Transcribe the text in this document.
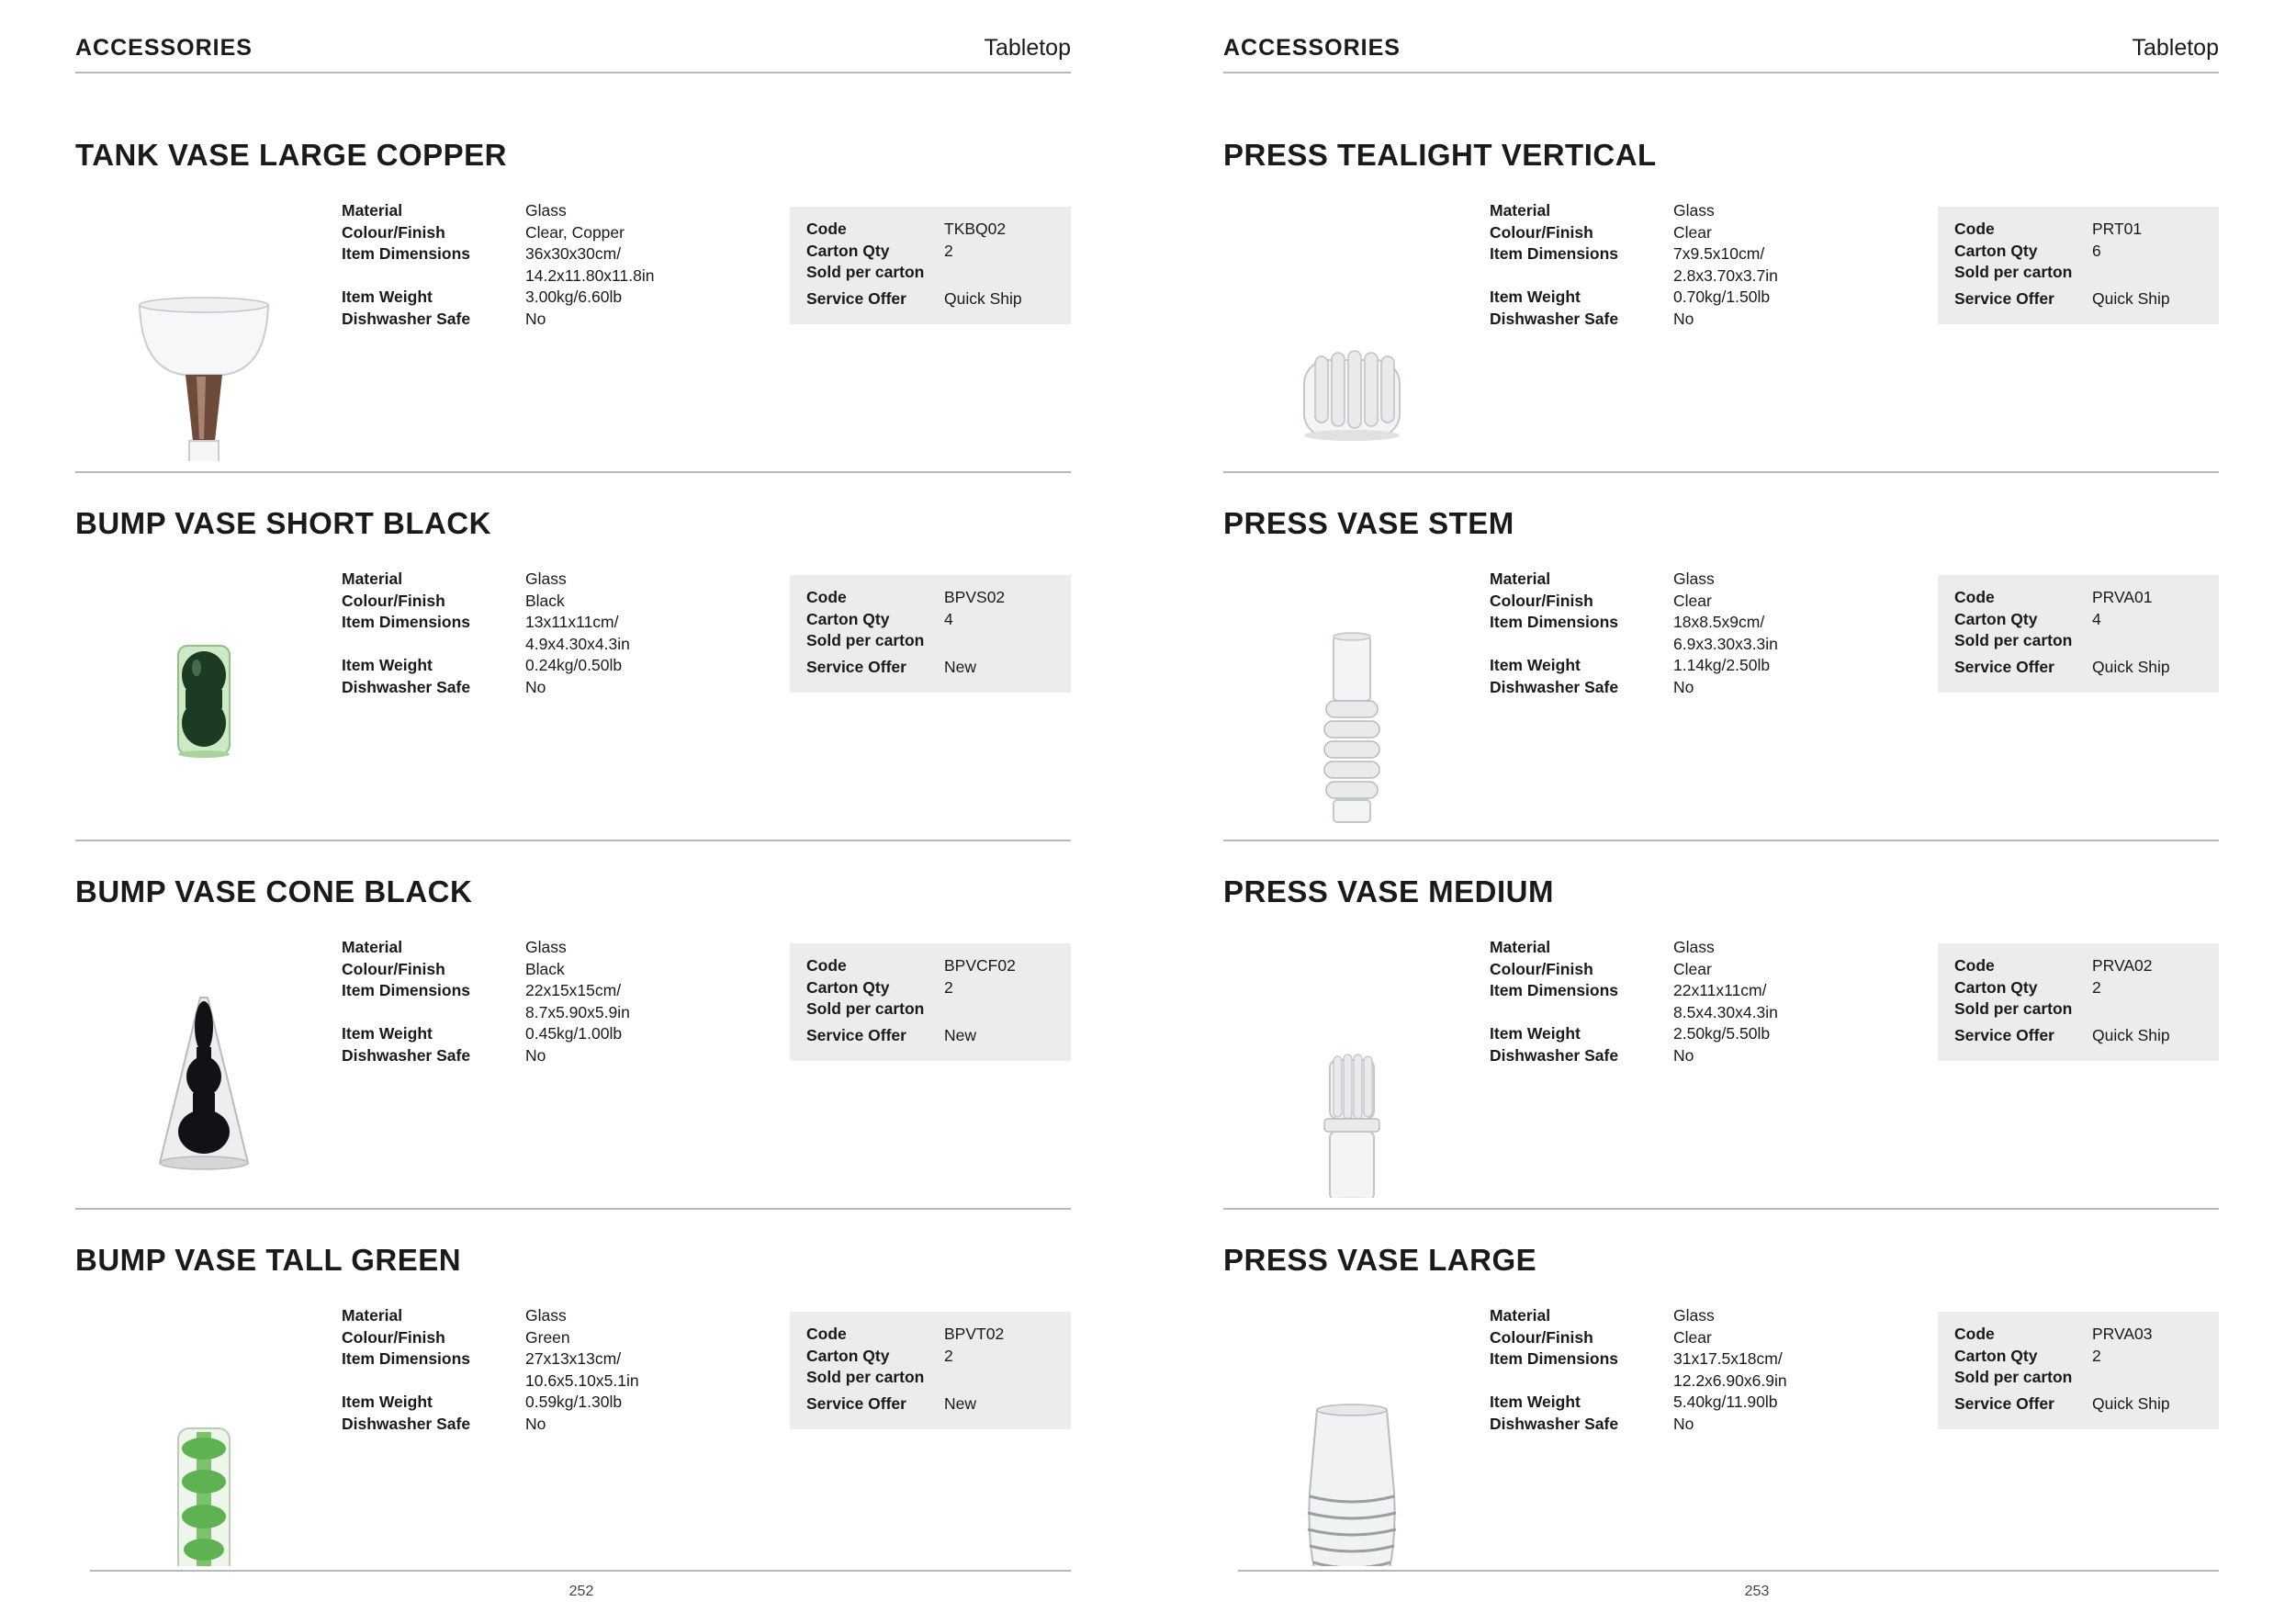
ACCESSORIES	Tabletop
TANK VASE LARGE COPPER
Material	Glass
Colour/Finish	Clear, Copper
Item Dimensions	36x30x30cm/
14.2x11.80x11.8in
Item Weight	3.00kg/6.60lb
Dishwasher Safe	No
Code	TKBQ02
Carton Qty	2
Sold per carton
Service Offer	Quick Ship
BUMP VASE SHORT BLACK
Material	Glass
Colour/Finish	Black
Item Dimensions	13x11x11cm/
4.9x4.30x4.3in
Item Weight	0.24kg/0.50lb
Dishwasher Safe	No
Code	BPVS02
Carton Qty	4
Sold per carton
Service Offer	New
BUMP VASE CONE BLACK
Material	Glass
Colour/Finish	Black
Item Dimensions	22x15x15cm/
8.7x5.90x5.9in
Item Weight	0.45kg/1.00lb
Dishwasher Safe	No
Code	BPVCF02
Carton Qty	2
Sold per carton
Service Offer	New
BUMP VASE TALL GREEN
Material	Glass
Colour/Finish	Green
Item Dimensions	27x13x13cm/
10.6x5.10x5.1in
Item Weight	0.59kg/1.30lb
Dishwasher Safe	No
Code	BPVT02
Carton Qty	2
Sold per carton
Service Offer	New
252
ACCESSORIES	Tabletop
PRESS TEALIGHT VERTICAL
Material	Glass
Colour/Finish	Clear
Item Dimensions	7x9.5x10cm/
2.8x3.70x3.7in
Item Weight	0.70kg/1.50lb
Dishwasher Safe	No
Code	PRT01
Carton Qty	6
Sold per carton
Service Offer	Quick Ship
PRESS VASE STEM
Material	Glass
Colour/Finish	Clear
Item Dimensions	18x8.5x9cm/
6.9x3.30x3.3in
Item Weight	1.14kg/2.50lb
Dishwasher Safe	No
Code	PRVA01
Carton Qty	4
Sold per carton
Service Offer	Quick Ship
PRESS VASE MEDIUM
Material	Glass
Colour/Finish	Clear
Item Dimensions	22x11x11cm/
8.5x4.30x4.3in
Item Weight	2.50kg/5.50lb
Dishwasher Safe	No
Code	PRVA02
Carton Qty	2
Sold per carton
Service Offer	Quick Ship
PRESS VASE LARGE
Material	Glass
Colour/Finish	Clear
Item Dimensions	31x17.5x18cm/
12.2x6.90x6.9in
Item Weight	5.40kg/11.90lb
Dishwasher Safe	No
Code	PRVA03
Carton Qty	2
Sold per carton
Service Offer	Quick Ship
253
